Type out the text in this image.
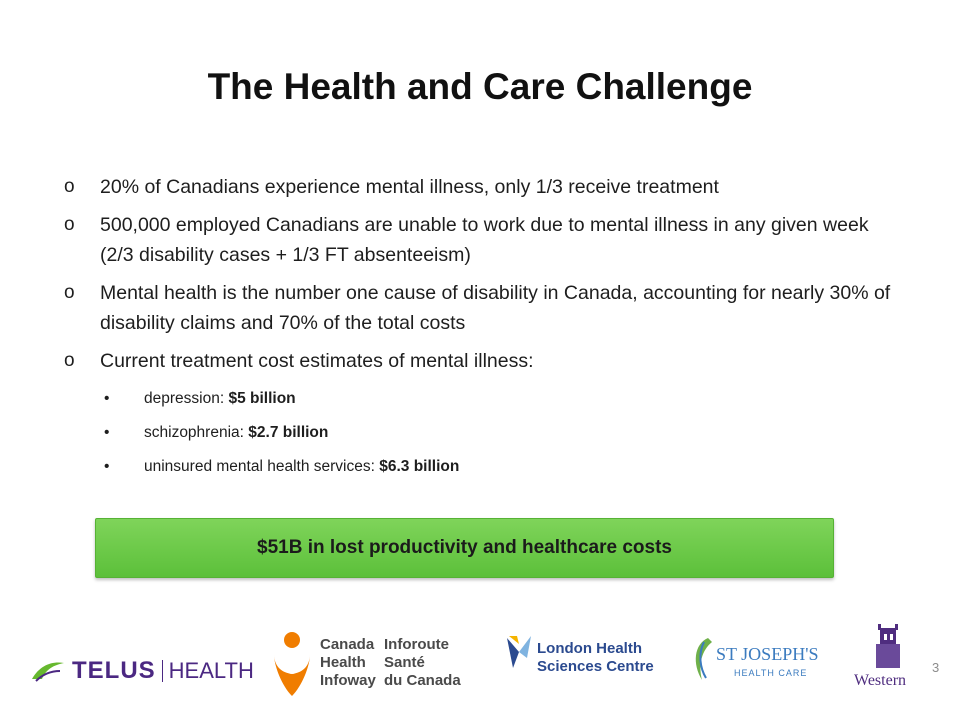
The Health and Care Challenge
o 20% of Canadians experience mental illness, only 1/3 receive treatment
o 500,000 employed Canadians are unable to work due to mental illness in any given week (2/3 disability cases + 1/3 FT absenteeism)
o Mental health is the number one cause of disability in Canada, accounting for nearly 30% of disability claims and 70% of the total costs
o Current treatment cost estimates of mental illness:
• depression: $5 billion
• schizophrenia: $2.7 billion
• uninsured mental health services: $6.3 billion
$51B in lost productivity and healthcare costs
TELUS HEALTH
Canada
Health
Infoway
Inforoute
Santé
du Canada
London Health
Sciences Centre
ST JOSEPH'S
HEALTH CARE	Western
3
